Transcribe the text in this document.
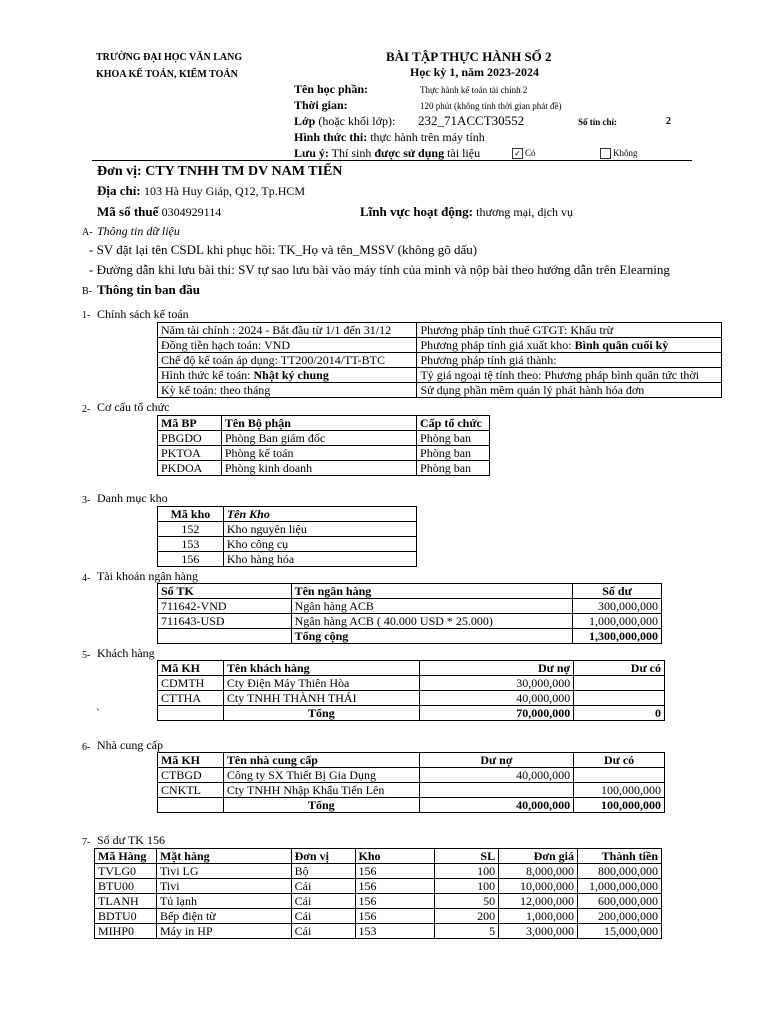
TRƯỜNG ĐẠI HỌC VĂN LANG
KHOA KẾ TOÁN, KIỂM TOÁN
BÀI TẬP THỰC HÀNH SỐ 2
Học kỳ 1, năm 2023-2024
Tên học phần:	Thực hành kế toán tài chính 2
Thời gian:	120 phút (không tính thời gian phát đề)
Lớp (hoặc khối lớp): 232_71ACCT30552	Số tín chỉ:	2
Hình thức thi: thực hành trên máy tính
Lưu ý: Thí sinh được sử dụng tài liệu	✓ Có	Không
Đơn vị: CTY TNHH TM DV NAM TIẾN
Địa chỉ: 103 Hà Huy Giáp, Q12, Tp.HCM
Mã số thuế 0304929114	Lĩnh vực hoạt động: thương mại, dịch vụ
A- Thông tin dữ liệu
- SV đặt lại tên CSDL khi phục hồi: TK_Họ và tên_MSSV (không gõ dấu)
- Đường dẫn khi lưu bài thi: SV tự sao lưu bài vào máy tính của mình và nộp bài theo hướng dẫn trên Elearning
B- Thông tin ban đầu
1- Chính sách kế toán
Năm tài chính : 2024 - Bắt đầu từ 1/1 đến 31/12	Phương pháp tính thuế GTGT: Khấu trừ
Đồng tiền hạch toán: VND	Phương pháp tính giá xuất kho: Bình quân cuối kỳ
Chế độ kế toán áp dụng: TT200/2014/TT-BTC	Phương pháp tính giá thành:
Hình thức kế toán: Nhật ký chung	Tỷ giá ngoại tệ tính theo: Phương pháp bình quân tức thời
Kỳ kế toán: theo tháng	Sử dụng phần mềm quản lý phát hành hóa đơn
2- Cơ cấu tổ chức
Mã BP	Tên Bộ phận	Cấp tổ chức
PBGDO	Phòng Ban giám đốc	Phòng ban
PKTOA	Phòng kế toán	Phòng ban
PKDOA	Phòng kinh doanh	Phòng ban
3- Danh mục kho
Mã kho	Tên Kho
152	Kho nguyên liệu
153	Kho công cụ
156	Kho hàng hóa
4- Tài khoản ngân hàng
Số TK	Tên ngân hàng	Số dư
711642-VND	Ngân hàng ACB	300,000,000
711643-USD	Ngân hàng ACB ( 40.000 USD * 25.000)	1,000,000,000
	Tổng cộng	1,300,000,000
5- Khách hàng
`
Mã KH	Tên khách hàng	Dư nợ	Dư có
CDMTH	Cty Điện Máy Thiên Hòa	30,000,000	
CTTHA	Cty TNHH THÀNH THÁI	40,000,000	
	Tổng	70,000,000	0
6- Nhà cung cấp
Mã KH	Tên nhà cung cấp	Dư nợ	Dư có
CTBGD	Công ty SX Thiết Bị Gia Dụng	40,000,000	
CNKTL	Cty TNHH Nhập Khẩu Tiến Lên		100,000,000
	Tổng	40,000,000	100,000,000
7- Số dư TK 156
Mã Hàng	Mặt hàng	Đơn vị	Kho	SL	Đơn giá	Thành tiền
TVLG0	Tivi LG	Bộ	156	100	8,000,000	800,000,000
BTU00	Tivi	Cái	156	100	10,000,000	1,000,000,000
TLANH	Tủ lạnh	Cái	156	50	12,000,000	600,000,000
BDTU0	Bếp điện từ	Cái	156	200	1,000,000	200,000,000
MIHP0	Máy in HP	Cái	153	5	3,000,000	15,000,000
